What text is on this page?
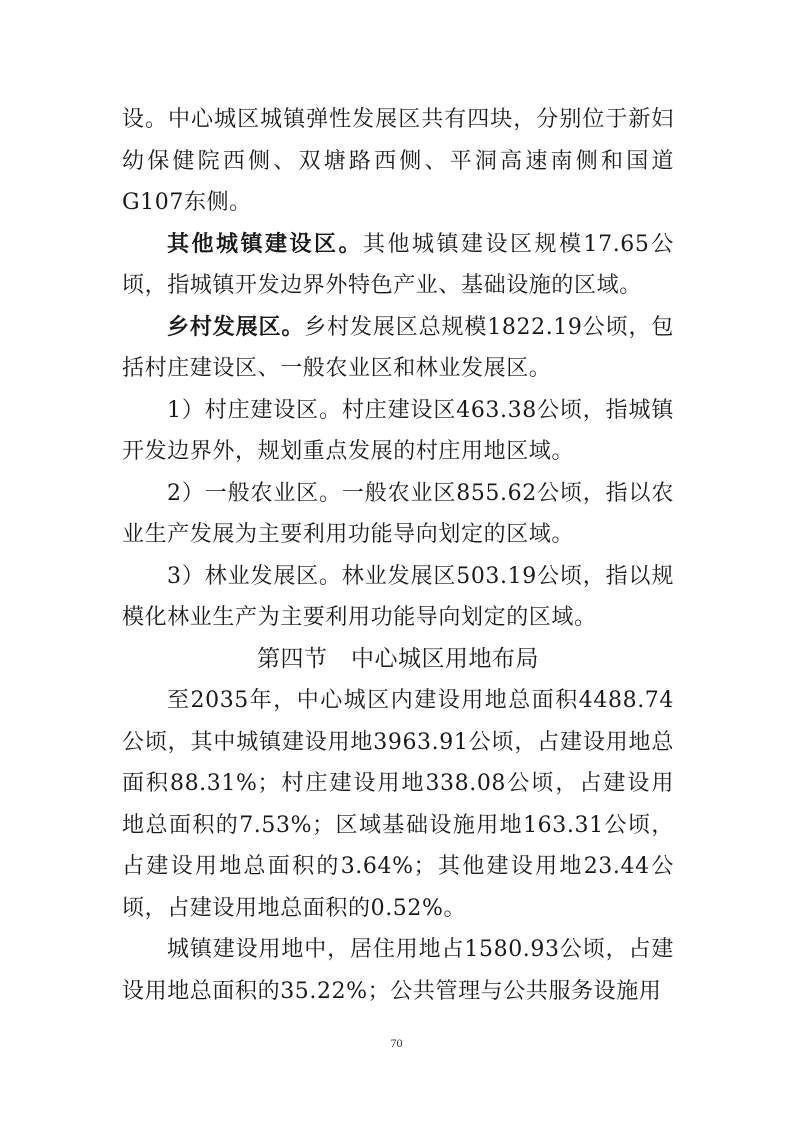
设。中心城区城镇弹性发展区共有四块，分别位于新妇幼保健院西侧、双塘路西侧、平洞高速南侧和国道G107东侧。

其他城镇建设区。其他城镇建设区规模17.65公顷，指城镇开发边界外特色产业、基础设施的区域。

乡村发展区。乡村发展区总规模1822.19公顷，包括村庄建设区、一般农业区和林业发展区。

1）村庄建设区。村庄建设区463.38公顷，指城镇开发边界外，规划重点发展的村庄用地区域。

2）一般农业区。一般农业区855.62公顷，指以农业生产发展为主要利用功能导向划定的区域。

3）林业发展区。林业发展区503.19公顷，指以规模化林业生产为主要利用功能导向划定的区域。

第四节　中心城区用地布局

至2035年，中心城区内建设用地总面积4488.74公顷，其中城镇建设用地3963.91公顷，占建设用地总面积88.31%；村庄建设用地338.08公顷，占建设用地总面积的7.53%；区域基础设施用地163.31公顷，占建设用地总面积的3.64%；其他建设用地23.44公顷，占建设用地总面积的0.52%。

城镇建设用地中，居住用地占1580.93公顷，占建设用地总面积的35.22%；公共管理与公共服务设施用

70
